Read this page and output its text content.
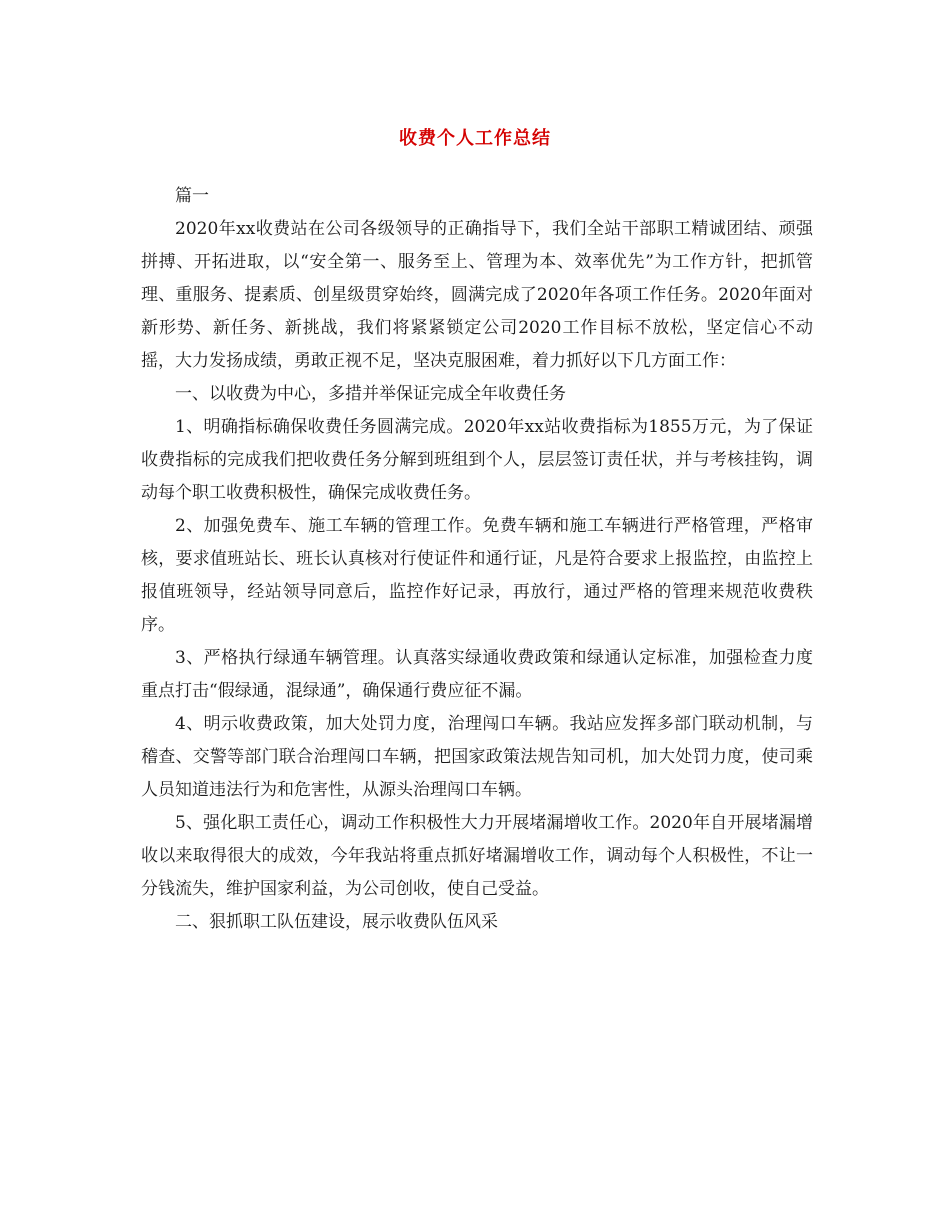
收费个人工作总结

篇一

2020年xx收费站在公司各级领导的正确指导下，我们全站干部职工精诚团结、顽强拼搏、开拓进取，以“安全第一、服务至上、管理为本、效率优先”为工作方针，把抓管理、重服务、提素质、创星级贯穿始终，圆满完成了2020年各项工作任务。2020年面对新形势、新任务、新挑战，我们将紧紧锁定公司2020工作目标不放松，坚定信心不动摇，大力发扬成绩，勇敢正视不足，坚决克服困难，着力抓好以下几方面工作：

一、以收费为中心，多措并举保证完成全年收费任务

1、明确指标确保收费任务圆满完成。2020年xx站收费指标为1855万元，为了保证收费指标的完成我们把收费任务分解到班组到个人，层层签订责任状，并与考核挂钩，调动每个职工收费积极性，确保完成收费任务。

2、加强免费车、施工车辆的管理工作。免费车辆和施工车辆进行严格管理，严格审核，要求值班站长、班长认真核对行使证件和通行证，凡是符合要求上报监控，由监控上报值班领导，经站领导同意后，监控作好记录，再放行，通过严格的管理来规范收费秩序。

3、严格执行绿通车辆管理。认真落实绿通收费政策和绿通认定标准，加强检查力度重点打击“假绿通，混绿通”，确保通行费应征不漏。

4、明示收费政策，加大处罚力度，治理闯口车辆。我站应发挥多部门联动机制，与稽查、交警等部门联合治理闯口车辆，把国家政策法规告知司机，加大处罚力度，使司乘人员知道违法行为和危害性，从源头治理闯口车辆。

5、强化职工责任心，调动工作积极性大力开展堵漏增收工作。2020年自开展堵漏增收以来取得很大的成效，今年我站将重点抓好堵漏增收工作，调动每个人积极性，不让一分钱流失，维护国家利益，为公司创收，使自己受益。

二、狠抓职工队伍建设，展示收费队伍风采
